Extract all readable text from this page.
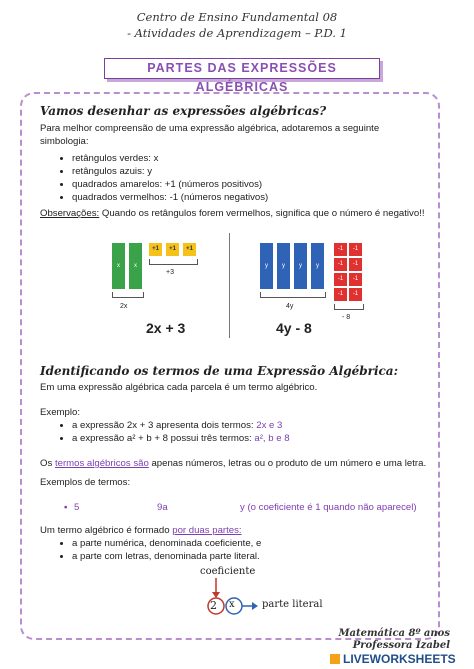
Centro de Ensino Fundamental 08
- Atividades de Aprendizagem – P.D. 1
PARTES DAS EXPRESSÕES ALGÉBRICAS
Vamos desenhar as expressões algébricas?
Para melhor compreensão de uma expressão algébrica, adotaremos a seguinte simbologia:
• retângulos verdes: x
• retângulos azuis: y
• quadrados amarelos: +1 (números positivos)
• quadrados vermelhos: -1 (números negativos)
Observações: Quando os retângulos forem vermelhos, significa que o número é negativo!!
x	x
2x
+1	+1	+1
+3
2x + 3
y	y	y	y
4y
-1	-1
-1	-1
-1	-1
-1	-1
- 8
4y - 8
Identificando os termos de uma Expressão Algébrica:
Em uma expressão algébrica cada parcela é um termo algébrico.
Exemplo:
• a expressão 2x + 3 apresenta dois termos: 2x e 3
• a expressão a² + b + 8 possui três termos: a², b e 8
Os termos algébricos são apenas números, letras ou o produto de um número e uma letra.
Exemplos de termos:
▪ 5	9a	y (o coeficiente é 1 quando não aparecel)
Um termo algébrico é formado por duas partes:
• a parte numérica, denominada coeficiente, e
• a parte com letras, denominada parte literal.
coeficiente
2 x	parte literal
Matemática 8º anos
Professora Izabel
LIVEWORKSHEETS
